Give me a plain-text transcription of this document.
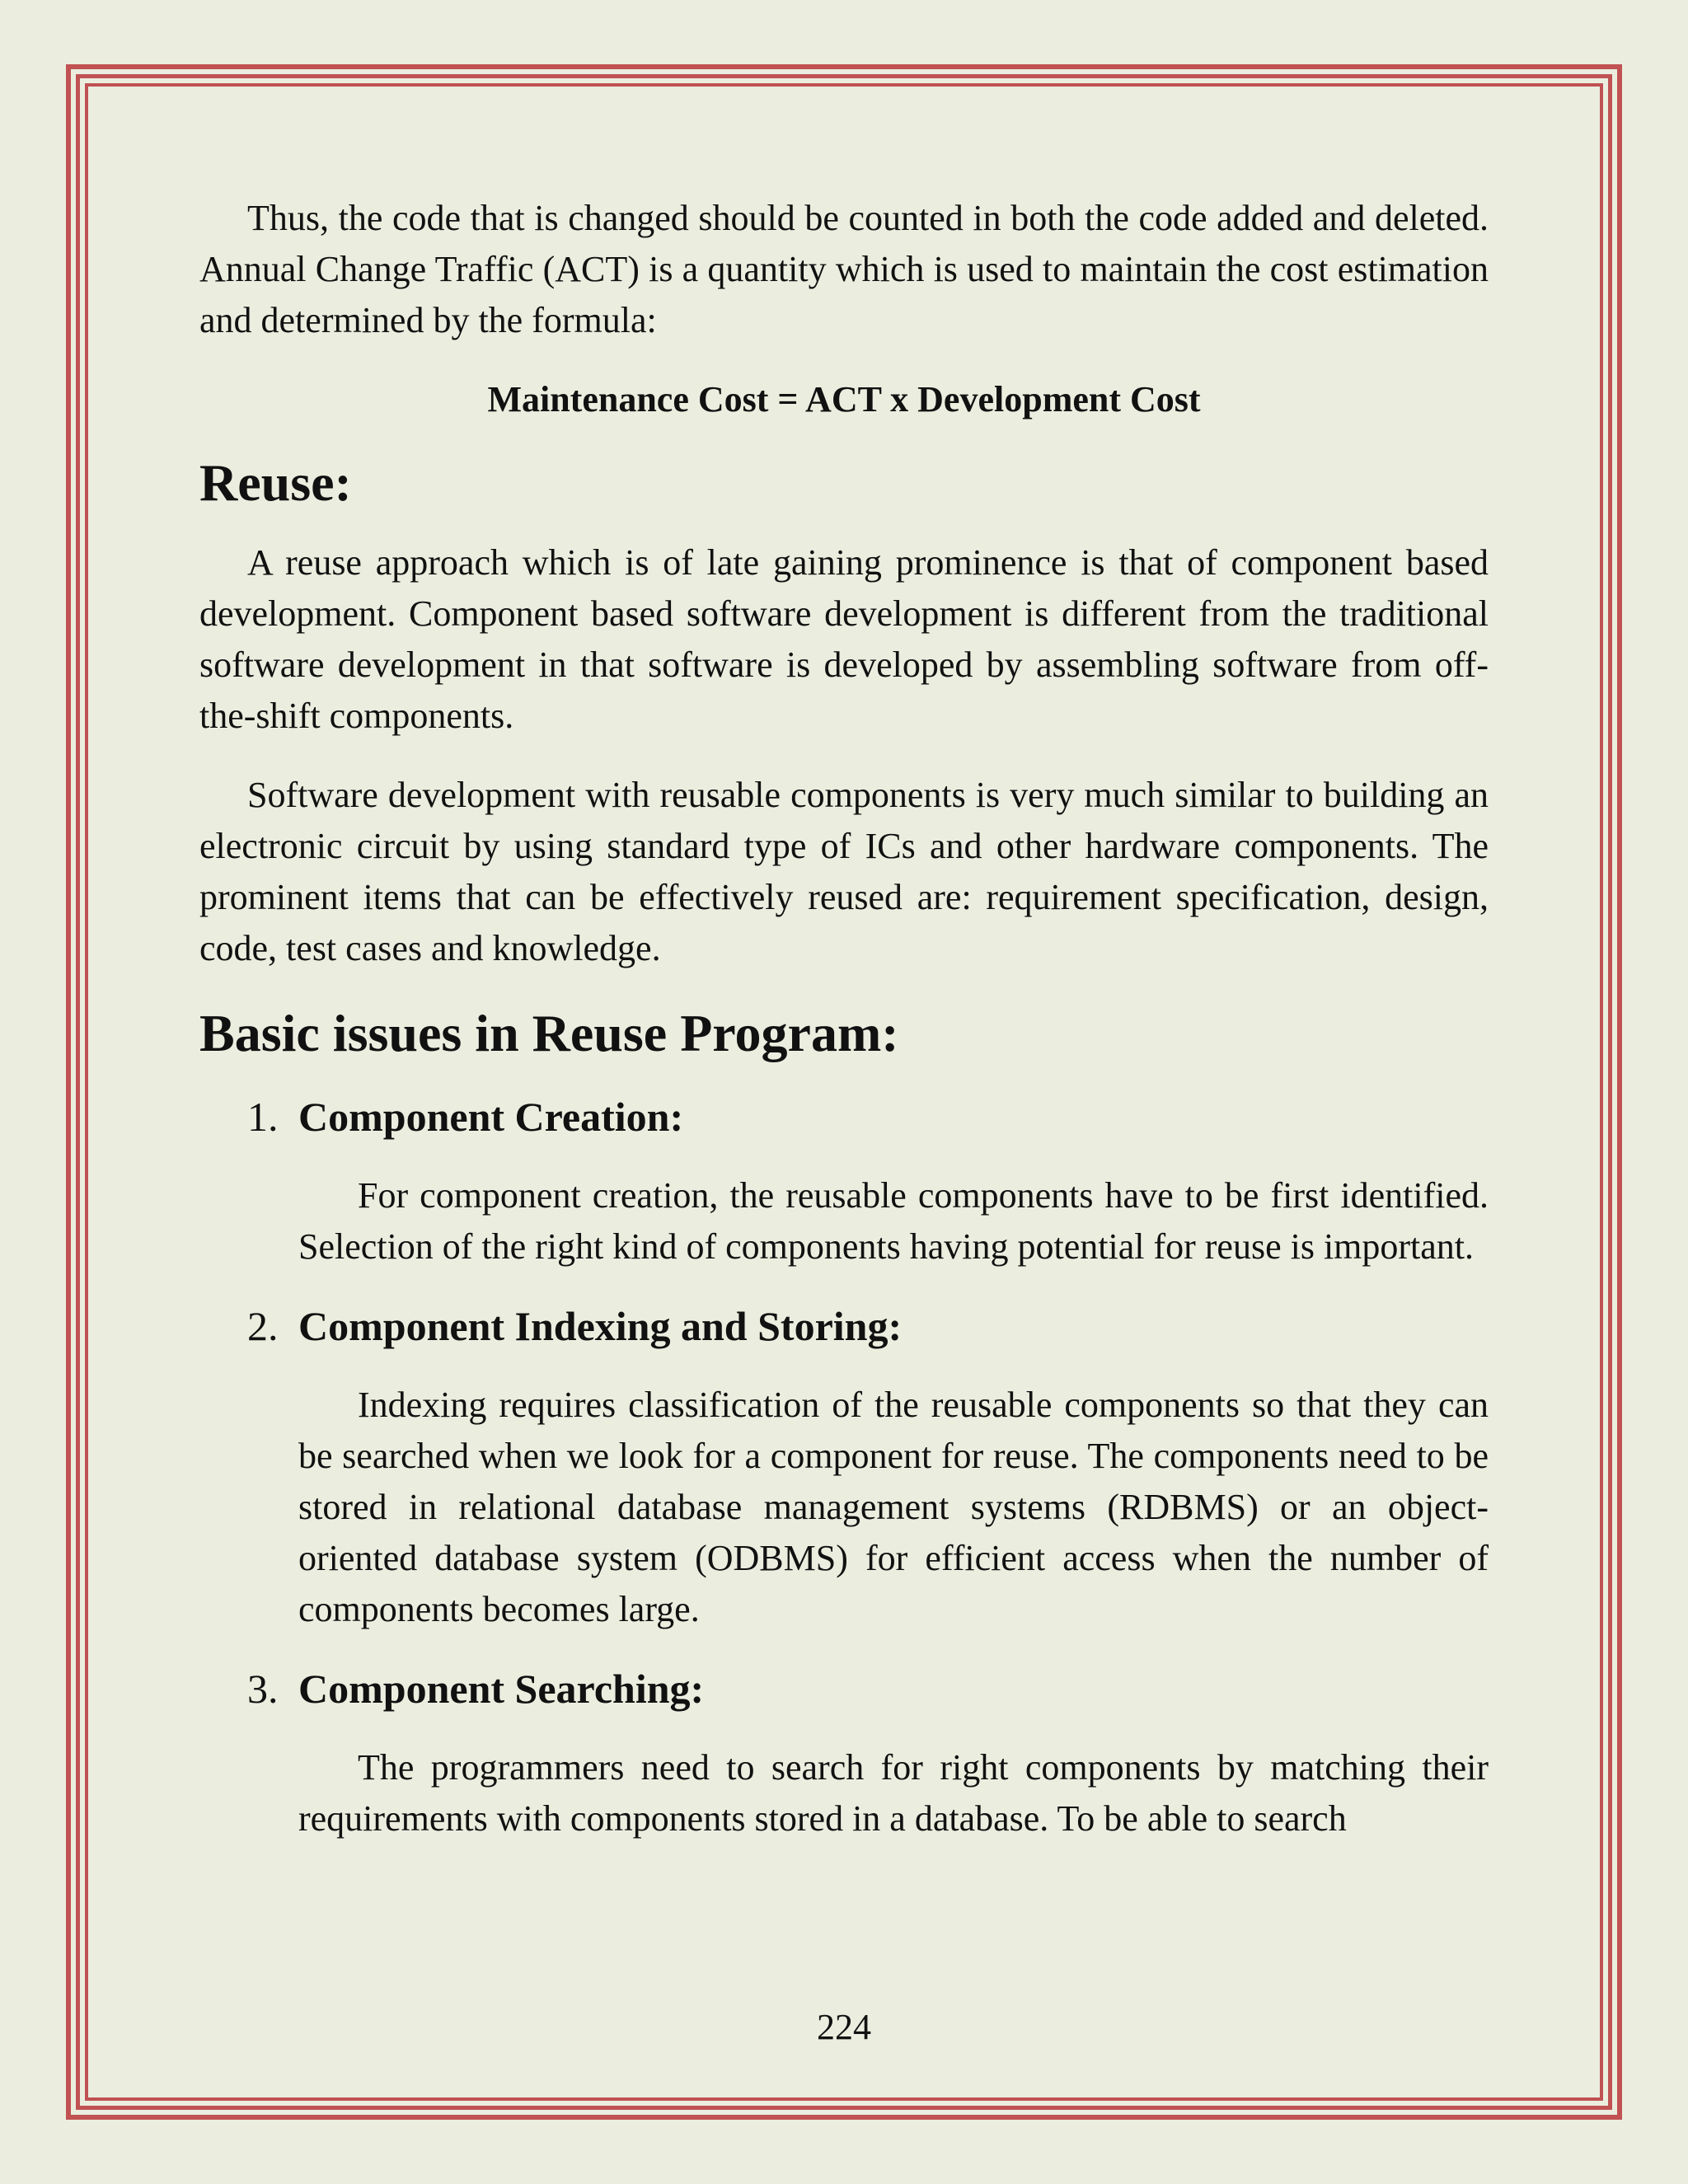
Thus, the code that is changed should be counted in both the code added and deleted. Annual Change Traffic (ACT) is a quantity which is used to maintain the cost estimation and determined by the formula:

Maintenance Cost = ACT x Development Cost
Reuse:

A reuse approach which is of late gaining prominence is that of component based development. Component based software development is different from the traditional software development in that software is developed by assembling software from off-the-shift components.

Software development with reusable components is very much similar to building an electronic circuit by using standard type of ICs and other hardware components. The prominent items that can be effectively reused are: requirement specification, design, code, test cases and knowledge.

Basic issues in Reuse Program:
1. Component Creation:

For component creation, the reusable components have to be first identified. Selection of the right kind of components having potential for reuse is important.

2. Component Indexing and Storing:

Indexing requires classification of the reusable components so that they can be searched when we look for a component for reuse. The components need to be stored in relational database management systems (RDBMS) or an object-oriented database system (ODBMS) for efficient access when the number of components becomes large.

3. Component Searching:

The programmers need to search for right components by matching their requirements with components stored in a database. To be able to search

224
